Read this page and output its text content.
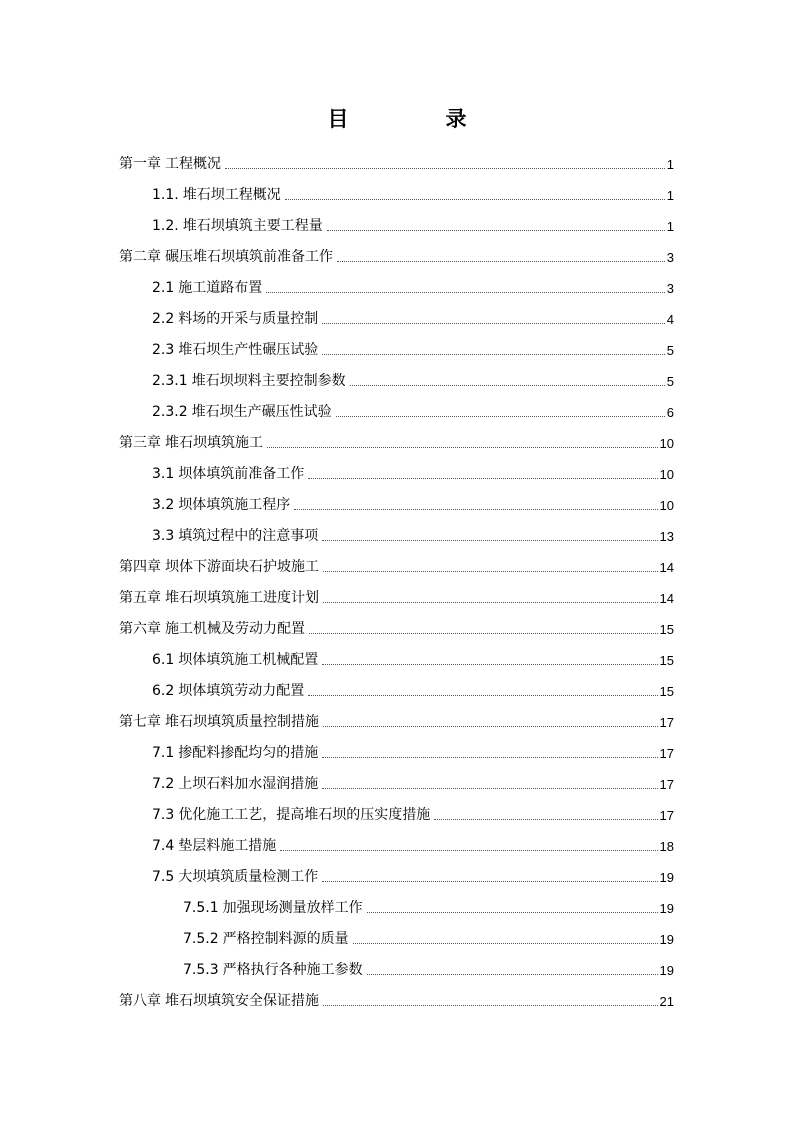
目　录
第一章 工程概况	1
1.1. 堆石坝工程概况	1
1.2. 堆石坝填筑主要工程量	1
第二章 碾压堆石坝填筑前准备工作	3
2.1 施工道路布置	3
2.2 料场的开采与质量控制	4
2.3 堆石坝生产性碾压试验	5
2.3.1 堆石坝坝料主要控制参数	5
2.3.2 堆石坝生产碾压性试验	6
第三章 堆石坝填筑施工	10
3.1 坝体填筑前准备工作	10
3.2 坝体填筑施工程序	10
3.3 填筑过程中的注意事项	13
第四章 坝体下游面块石护坡施工	14
第五章 堆石坝填筑施工进度计划	14
第六章 施工机械及劳动力配置	15
6.1 坝体填筑施工机械配置	15
6.2 坝体填筑劳动力配置	15
第七章 堆石坝填筑质量控制措施	17
7.1 掺配料掺配均匀的措施	17
7.2 上坝石料加水湿润措施	17
7.3 优化施工工艺，提高堆石坝的压实度措施	17
7.4 垫层料施工措施	18
7.5 大坝填筑质量检测工作	19
7.5.1 加强现场测量放样工作	19
7.5.2 严格控制料源的质量	19
7.5.3 严格执行各种施工参数	19
第八章 堆石坝填筑安全保证措施	21
